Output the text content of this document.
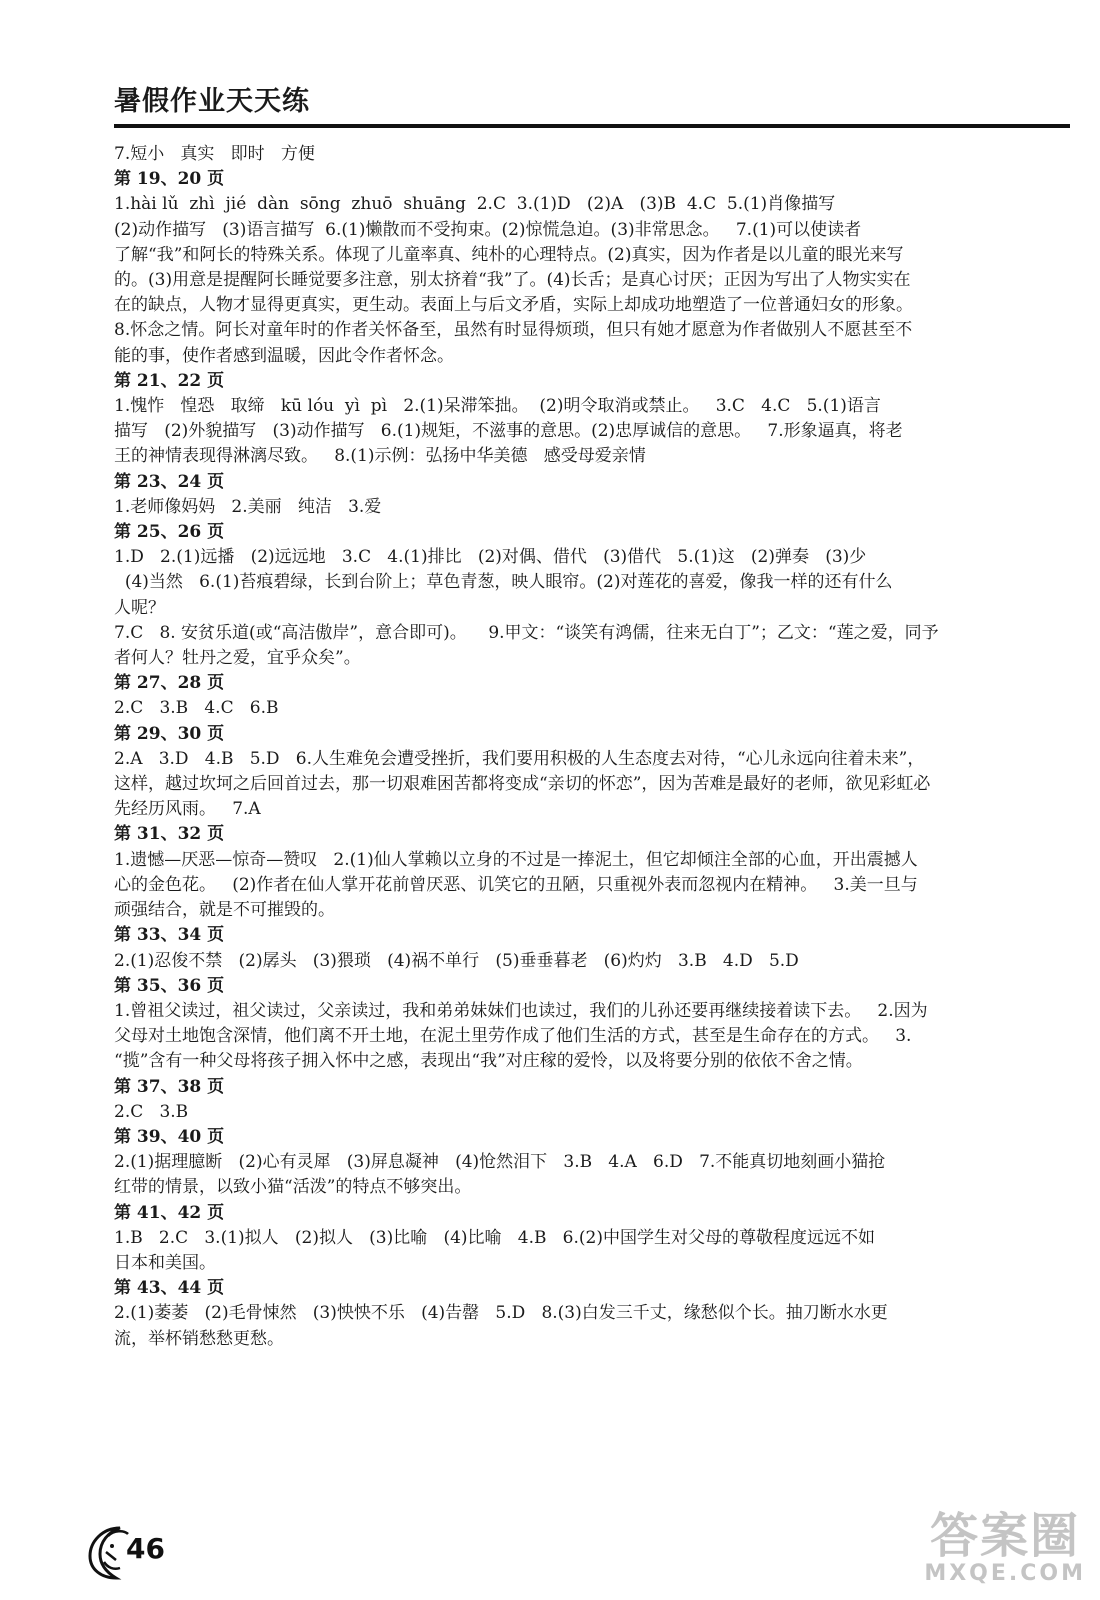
暑假作业天天练

7.短小   真实   即时   方便

第 19、20 页

1.hài lǔ  zhì  jié  dàn  sōng  zhuō  shuāng  2.C  3.(1)D   (2)A   (3)B  4.C  5.(1)肖像描写

(2)动作描写   (3)语言描写  6.(1)懒散而不受拘束。(2)惊慌急迫。(3)非常思念。   7.(1)可以使读者

了解“我”和阿长的特殊关系。体现了儿童率真、纯朴的心理特点。(2)真实，因为作者是以儿童的眼光来写

的。(3)用意是提醒阿长睡觉要多注意，别太挤着“我”了。(4)长舌；是真心讨厌；正因为写出了人物实实在

在的缺点，人物才显得更真实，更生动。表面上与后文矛盾，实际上却成功地塑造了一位普通妇女的形象。

8.怀念之情。阿长对童年时的作者关怀备至，虽然有时显得烦琐，但只有她才愿意为作者做别人不愿甚至不

能的事，使作者感到温暖，因此令作者怀念。

第 21、22 页

1.愧怍   惶恐   取缔   kū lóu  yì  pì   2.(1)呆滞笨拙。  (2)明令取消或禁止。   3.C   4.C   5.(1)语言

描写   (2)外貌描写   (3)动作描写   6.(1)规矩，不滋事的意思。(2)忠厚诚信的意思。   7.形象逼真，将老

王的神情表现得淋漓尽致。   8.(1)示例：弘扬中华美德   感受母爱亲情

第 23、24 页

1.老师像妈妈   2.美丽   纯洁   3.爱

第 25、26 页

1.D   2.(1)远播   (2)远远地   3.C   4.(1)排比   (2)对偶、借代   (3)借代   5.(1)这   (2)弹奏   (3)少

(4)当然   6.(1)苔痕碧绿，长到台阶上；草色青葱，映人眼帘。(2)对莲花的喜爱，像我一样的还有什么

人呢？

7.C   8. 安贫乐道(或“高洁傲岸”，意合即可)。    9.甲文：“谈笑有鸿儒，往来无白丁”；乙文：“莲之爱，同予

者何人？牡丹之爱，宜乎众矣”。

第 27、28 页

2.C   3.B   4.C   6.B

第 29、30 页

2.A   3.D   4.B   5.D   6.人生难免会遭受挫折，我们要用积极的人生态度去对待，“心儿永远向往着未来”，

这样，越过坎坷之后回首过去，那一切艰难困苦都将变成“亲切的怀恋”，因为苦难是最好的老师，欲见彩虹必

先经历风雨。   7.A

第 31、32 页

1.遗憾—厌恶—惊奇—赞叹   2.(1)仙人掌赖以立身的不过是一捧泥土，但它却倾注全部的心血，开出震撼人

心的金色花。   (2)作者在仙人掌开花前曾厌恶、讥笑它的丑陋，只重视外表而忽视内在精神。   3.美一旦与

顽强结合，就是不可摧毁的。

第 33、34 页

2.(1)忍俊不禁   (2)孱头   (3)猥琐   (4)祸不单行   (5)垂垂暮老   (6)灼灼   3.B   4.D   5.D

第 35、36 页

1.曾祖父读过，祖父读过，父亲读过，我和弟弟妹妹们也读过，我们的儿孙还要再继续接着读下去。   2.因为

父母对土地饱含深情，他们离不开土地，在泥土里劳作成了他们生活的方式，甚至是生命存在的方式。   3.

“揽”含有一种父母将孩子拥入怀中之感，表现出“我”对庄稼的爱怜，以及将要分别的依依不舍之情。

第 37、38 页

2.C   3.B

第 39、40 页

2.(1)据理臆断   (2)心有灵犀   (3)屏息凝神   (4)怆然泪下   3.B   4.A   6.D   7.不能真切地刻画小猫抢

红带的情景，以致小猫“活泼”的特点不够突出。

第 41、42 页

1.B   2.C   3.(1)拟人   (2)拟人   (3)比喻   (4)比喻   4.B   6.(2)中国学生对父母的尊敬程度远远不如

日本和美国。

第 43、44 页

2.(1)萎萎   (2)毛骨悚然   (3)怏怏不乐   (4)告罄   5.D   8.(3)白发三千丈，缘愁似个长。抽刀断水水更

流，举杯销愁愁更愁。

46	答案圈
MXQE.COM
